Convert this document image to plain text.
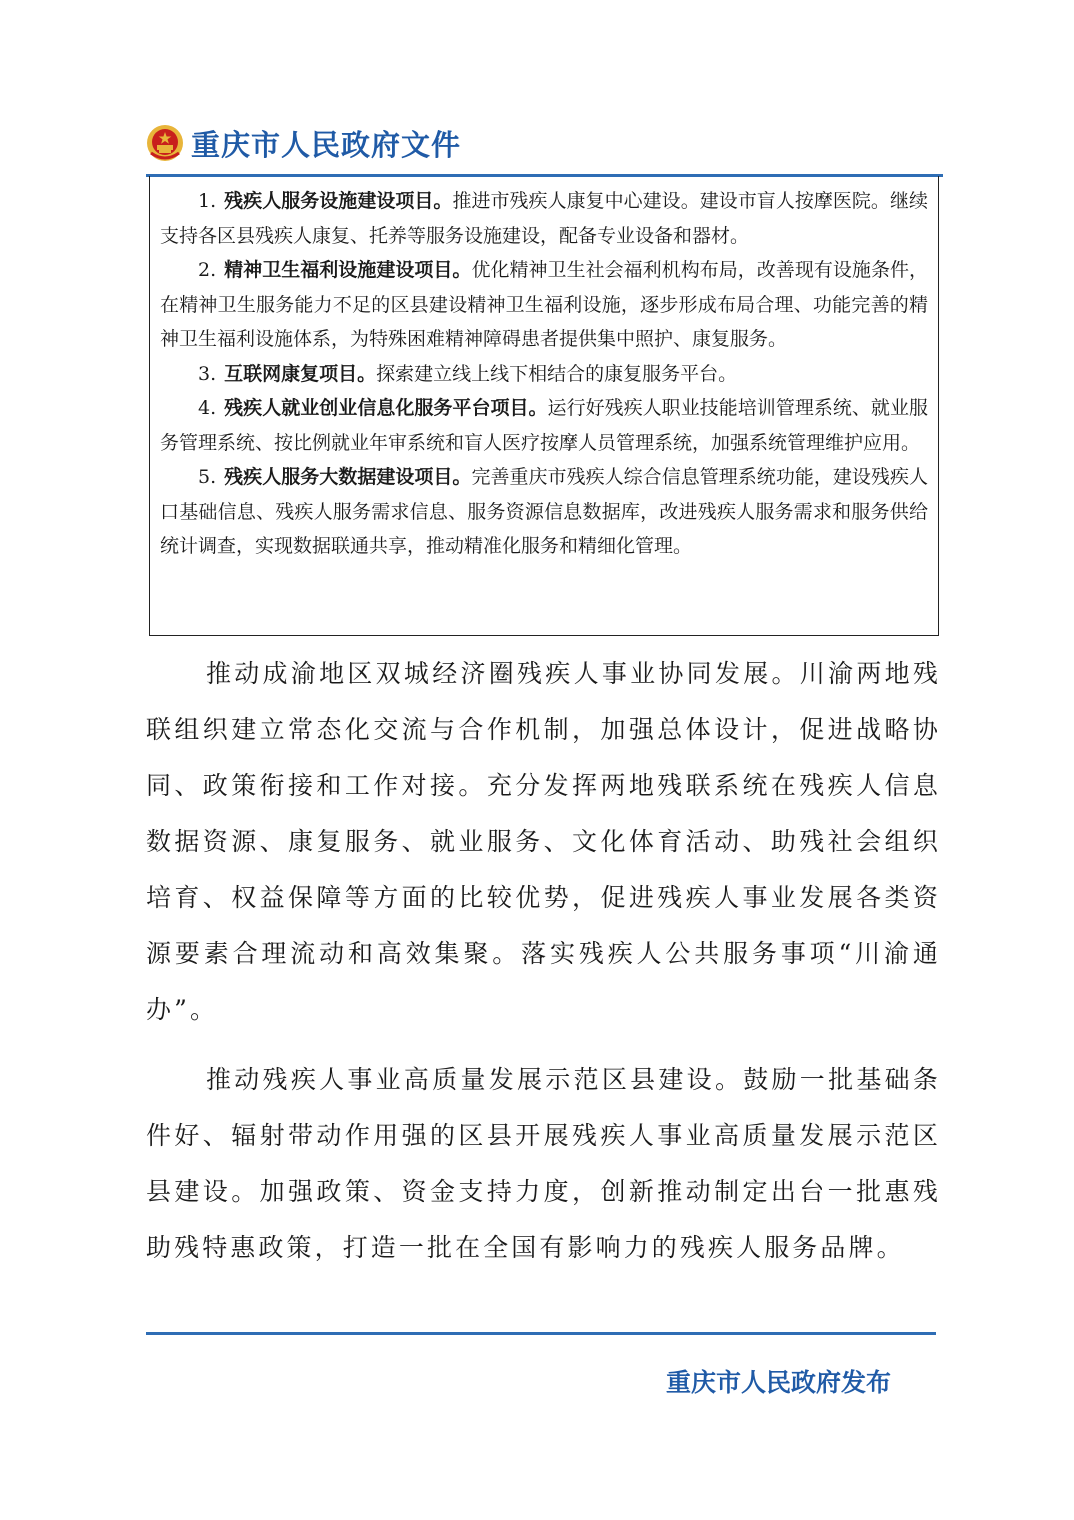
重庆市人民政府文件

1. 残疾人服务设施建设项目。推进市残疾人康复中心建设。建设市盲人按摩医院。继续支持各区县残疾人康复、托养等服务设施建设，配备专业设备和器材。

2. 精神卫生福利设施建设项目。优化精神卫生社会福利机构布局，改善现有设施条件，在精神卫生服务能力不足的区县建设精神卫生福利设施，逐步形成布局合理、功能完善的精神卫生福利设施体系，为特殊困难精神障碍患者提供集中照护、康复服务。

3. 互联网康复项目。探索建立线上线下相结合的康复服务平台。

4. 残疾人就业创业信息化服务平台项目。运行好残疾人职业技能培训管理系统、就业服务管理系统、按比例就业年审系统和盲人医疗按摩人员管理系统，加强系统管理维护应用。

5. 残疾人服务大数据建设项目。完善重庆市残疾人综合信息管理系统功能，建设残疾人口基础信息、残疾人服务需求信息、服务资源信息数据库，改进残疾人服务需求和服务供给统计调查，实现数据联通共享，推动精准化服务和精细化管理。

推动成渝地区双城经济圈残疾人事业协同发展。川渝两地残联组织建立常态化交流与合作机制，加强总体设计，促进战略协同、政策衔接和工作对接。充分发挥两地残联系统在残疾人信息数据资源、康复服务、就业服务、文化体育活动、助残社会组织培育、权益保障等方面的比较优势，促进残疾人事业发展各类资源要素合理流动和高效集聚。落实残疾人公共服务事项“川渝通办”。

推动残疾人事业高质量发展示范区县建设。鼓励一批基础条件好、辐射带动作用强的区县开展残疾人事业高质量发展示范区县建设。加强政策、资金支持力度，创新推动制定出台一批惠残助残特惠政策，打造一批在全国有影响力的残疾人服务品牌。

重庆市人民政府发布
